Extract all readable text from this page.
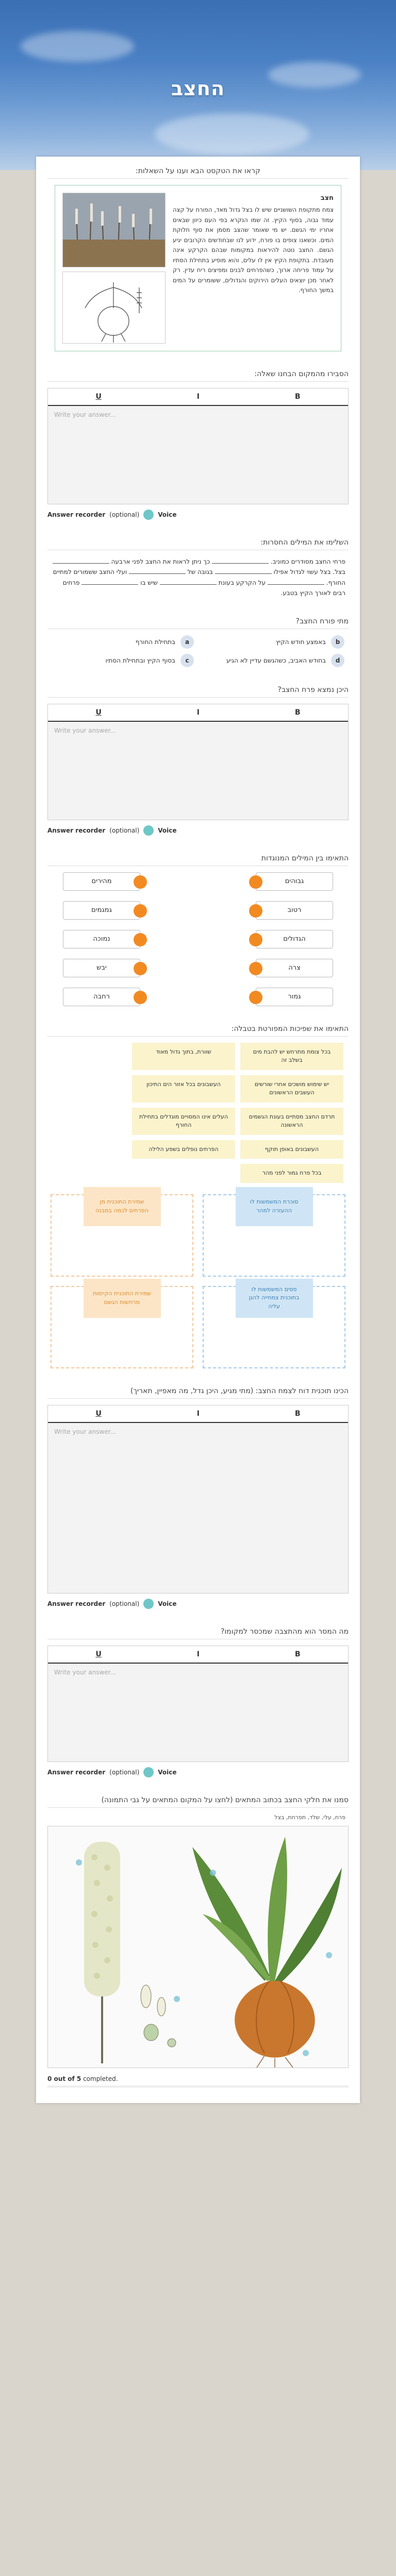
החצב
קראו את הטקסט הבא וענו על השאלות:
חצב
צמח מתקופת השושניים שיש לו בצל גדול מאד, הפורח על קצה עמוד גבוה, בסוף הקיץ. זה שמו הנקרא בפי העם כיוון שבאים אחריו ימי הגשם. יש מי שאומר שהצב מסמן את סוף חלוקת המים. וכשאנו צופים בו פורח, ידוע לנו שבחודשים הקרובים יגיע הגשם. החצב נוטה להיראות במקומות שבהם הקרקע אינה מעובדת. בתקופת הקיץ אין לו עלים, והוא מופיע בתחילת הסתיו על עמוד פריחה ארוך, כשהפרחים לבנים ומפיצים ריח עדין. רק לאחר מכן יוצאים העלים הירוקים והגדולים, ששומרים על המים במשך החורף.
הסבירו מהמקום הבחנו שאלה:
B
I
U
Write your answer...
Answer recorder (optional)	Voice
השלימו את המילים החסרות:
פרחי החצב מסודרים כמוניב.  כך ניתן לראות את החצב לפני ארבעה  בצל. בצל עשוי לגדול אפילו  בגובה של  ועלי החצב ששמורים למתיים החורף.  על הקרקע בעונת  שיש בו  פרחים רבים לאורך הקיץ בטבע.
מתי פורח החצב?
b
באמצע חודש הקיץ
a
בתחילת החורף
d
בחודש האביב, כשהגשם עדיין לא הגיע
c
בסוף הקיץ ובתחילת הסתיו
היכן נמצא פרח החצב?
B
I
U
Write your answer...
Answer recorder (optional)	Voice
התאימו בין המילים המנוגדות
גבוהים
רטוב
הגדולים
צרה
גמור
מהירים
גמגמים
נמוכה
יבש
רחבה
התאימו את שפיכות המפורטת בטבלה:
בכל צומת מתרחש יש להבת מים בשלב זה
שוורת, בתוך גדול מאוד
יש שימוש מושכים אחרי שורשים העשבים הראשונים
העשבונים בכל אזור הים התיכון
תרדם החצב מסתיים בעונת הגשמים הראשונה
העלים אינו המסויים מוגדלים בתחילת החורף
העשבונים באופן תוקף
הפרחים נופלים בשפע הלילה
בכל פרח גמור לפני מהר
סוכרת המשמשות לו ההעזרה למהר
שמירת התוכנית מן הפרחים לכמה במבנה
פסים המשמשות לו בתוכנית צמחייה להגן עליה
שמירת התוכנית הקיימות מרחשות הגשם
הכינו תוכנית דוח לצמח החצב: (מתי מגיע, היכן גדל, מה מאפיין, תאריך)
B
I
U
Write your answer...
Answer recorder (optional)	Voice
מה המסר הוא מהתצבה שמכסר למקומו?
B
I
U
Write your answer...
Answer recorder (optional)	Voice
סמנו את חלקי החצב בכתוב המתאים (לחצו על המקום המתאים על גבי התמונה)
פרח, עלי, שלד, תפרחת, בצל
0 out of 5 completed.
